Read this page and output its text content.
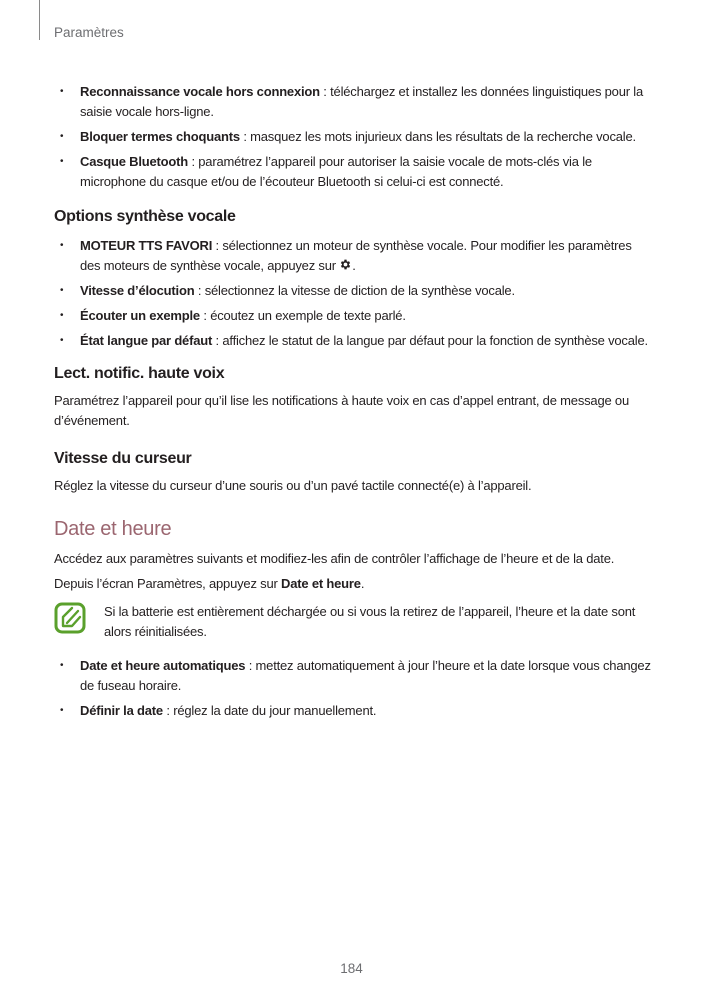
Paramètres
• Reconnaissance vocale hors connexion : téléchargez et installez les données linguistiques pour la saisie vocale hors-ligne.
• Bloquer termes choquants : masquez les mots injurieux dans les résultats de la recherche vocale.
• Casque Bluetooth : paramétrez l’appareil pour autoriser la saisie vocale de mots-clés via le microphone du casque et/ou de l’écouteur Bluetooth si celui-ci est connecté.
Options synthèse vocale
• MOTEUR TTS FAVORI : sélectionnez un moteur de synthèse vocale. Pour modifier les paramètres des moteurs de synthèse vocale, appuyez sur .
• Vitesse d’élocution : sélectionnez la vitesse de diction de la synthèse vocale.
• Écouter un exemple : écoutez un exemple de texte parlé.
• État langue par défaut : affichez le statut de la langue par défaut pour la fonction de synthèse vocale.
Lect. notific. haute voix

Paramétrez l’appareil pour qu’il lise les notifications à haute voix en cas d’appel entrant, de message ou d’événement.

Vitesse du curseur

Réglez la vitesse du curseur d’une souris ou d’un pavé tactile connecté(e) à l’appareil.

Date et heure

Accédez aux paramètres suivants et modifiez-les afin de contrôler l’affichage de l’heure et de la date.

Depuis l’écran Paramètres, appuyez sur Date et heure.

Si la batterie est entièrement déchargée ou si vous la retirez de l’appareil, l’heure et la date sont alors réinitialisées.

• Date et heure automatiques : mettez automatiquement à jour l’heure et la date lorsque vous changez de fuseau horaire.
• Définir la date : réglez la date du jour manuellement.
184
